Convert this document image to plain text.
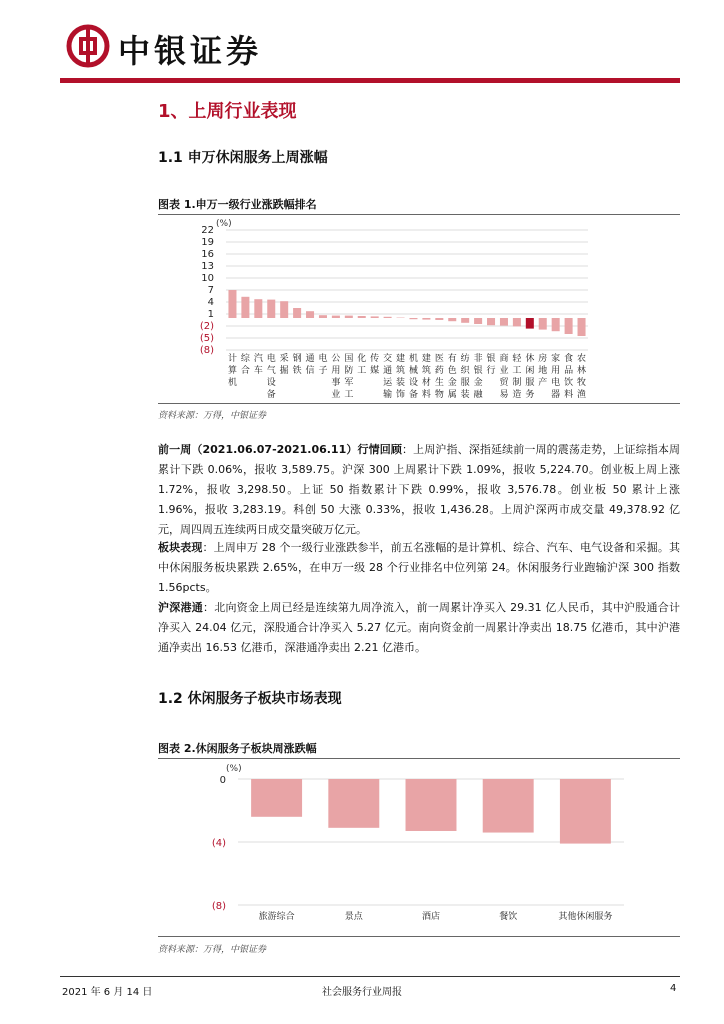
中银证券
1、上周行业表现
1.1 申万休闲服务上周涨幅
图表 1.申万一级行业涨跌幅排名
(%)
22
19
16
13
10
7
4
1
(2)
(5)
(8)
计算机
综合
汽车
电气设备
采掘
钢铁
通信
电子
公用事业
国防军工
化工
传媒
交通运输
建筑装饰
机械设备
建筑材料
医药生物
有色金属
纺织服装
非银金融
银行
商业贸易
轻工制造
休闲服务
房地产
家用电器
食品饮料
农林牧渔
资料来源：万得，中银证券
前一周（2021.06.07-2021.06.11）行情回顾：上周沪指、深指延续前一周的震荡走势，上证综指本周累计下跌 0.06%，报收 3,589.75。沪深 300 上周累计下跌 1.09%，报收 5,224.70。创业板上周上涨 1.72%，报收 3,298.50。上证 50 指数累计下跌 0.99%，报收 3,576.78。创业板 50 累计上涨 1.96%，报收 3,283.19。科创 50 大涨 0.33%，报收 1,436.28。上周沪深两市成交量 49,378.92 亿元，周四周五连续两日成交量突破万亿元。
板块表现：上周申万 28 个一级行业涨跌参半，前五名涨幅的是计算机、综合、汽车、电气设备和采掘。其中休闲服务板块累跌 2.65%，在申万一级 28 个行业排名中位列第 24。休闲服务行业跑输沪深 300 指数 1.56pcts。
沪深港通：北向资金上周已经是连续第九周净流入，前一周累计净买入 29.31 亿人民币，其中沪股通合计净买入 24.04 亿元，深股通合计净买入 5.27 亿元。南向资金前一周累计净卖出 18.75 亿港币，其中沪港通净卖出 16.53 亿港币，深港通净卖出 2.21 亿港币。
1.2 休闲服务子板块市场表现
图表 2.休闲服务子板块周涨跌幅
(%)
0
(4)
(8)
旅游综合	景点	酒店	餐饮	其他休闲服务
资料来源：万得，中银证券
2021 年 6 月 14 日	社会服务行业周报	4
